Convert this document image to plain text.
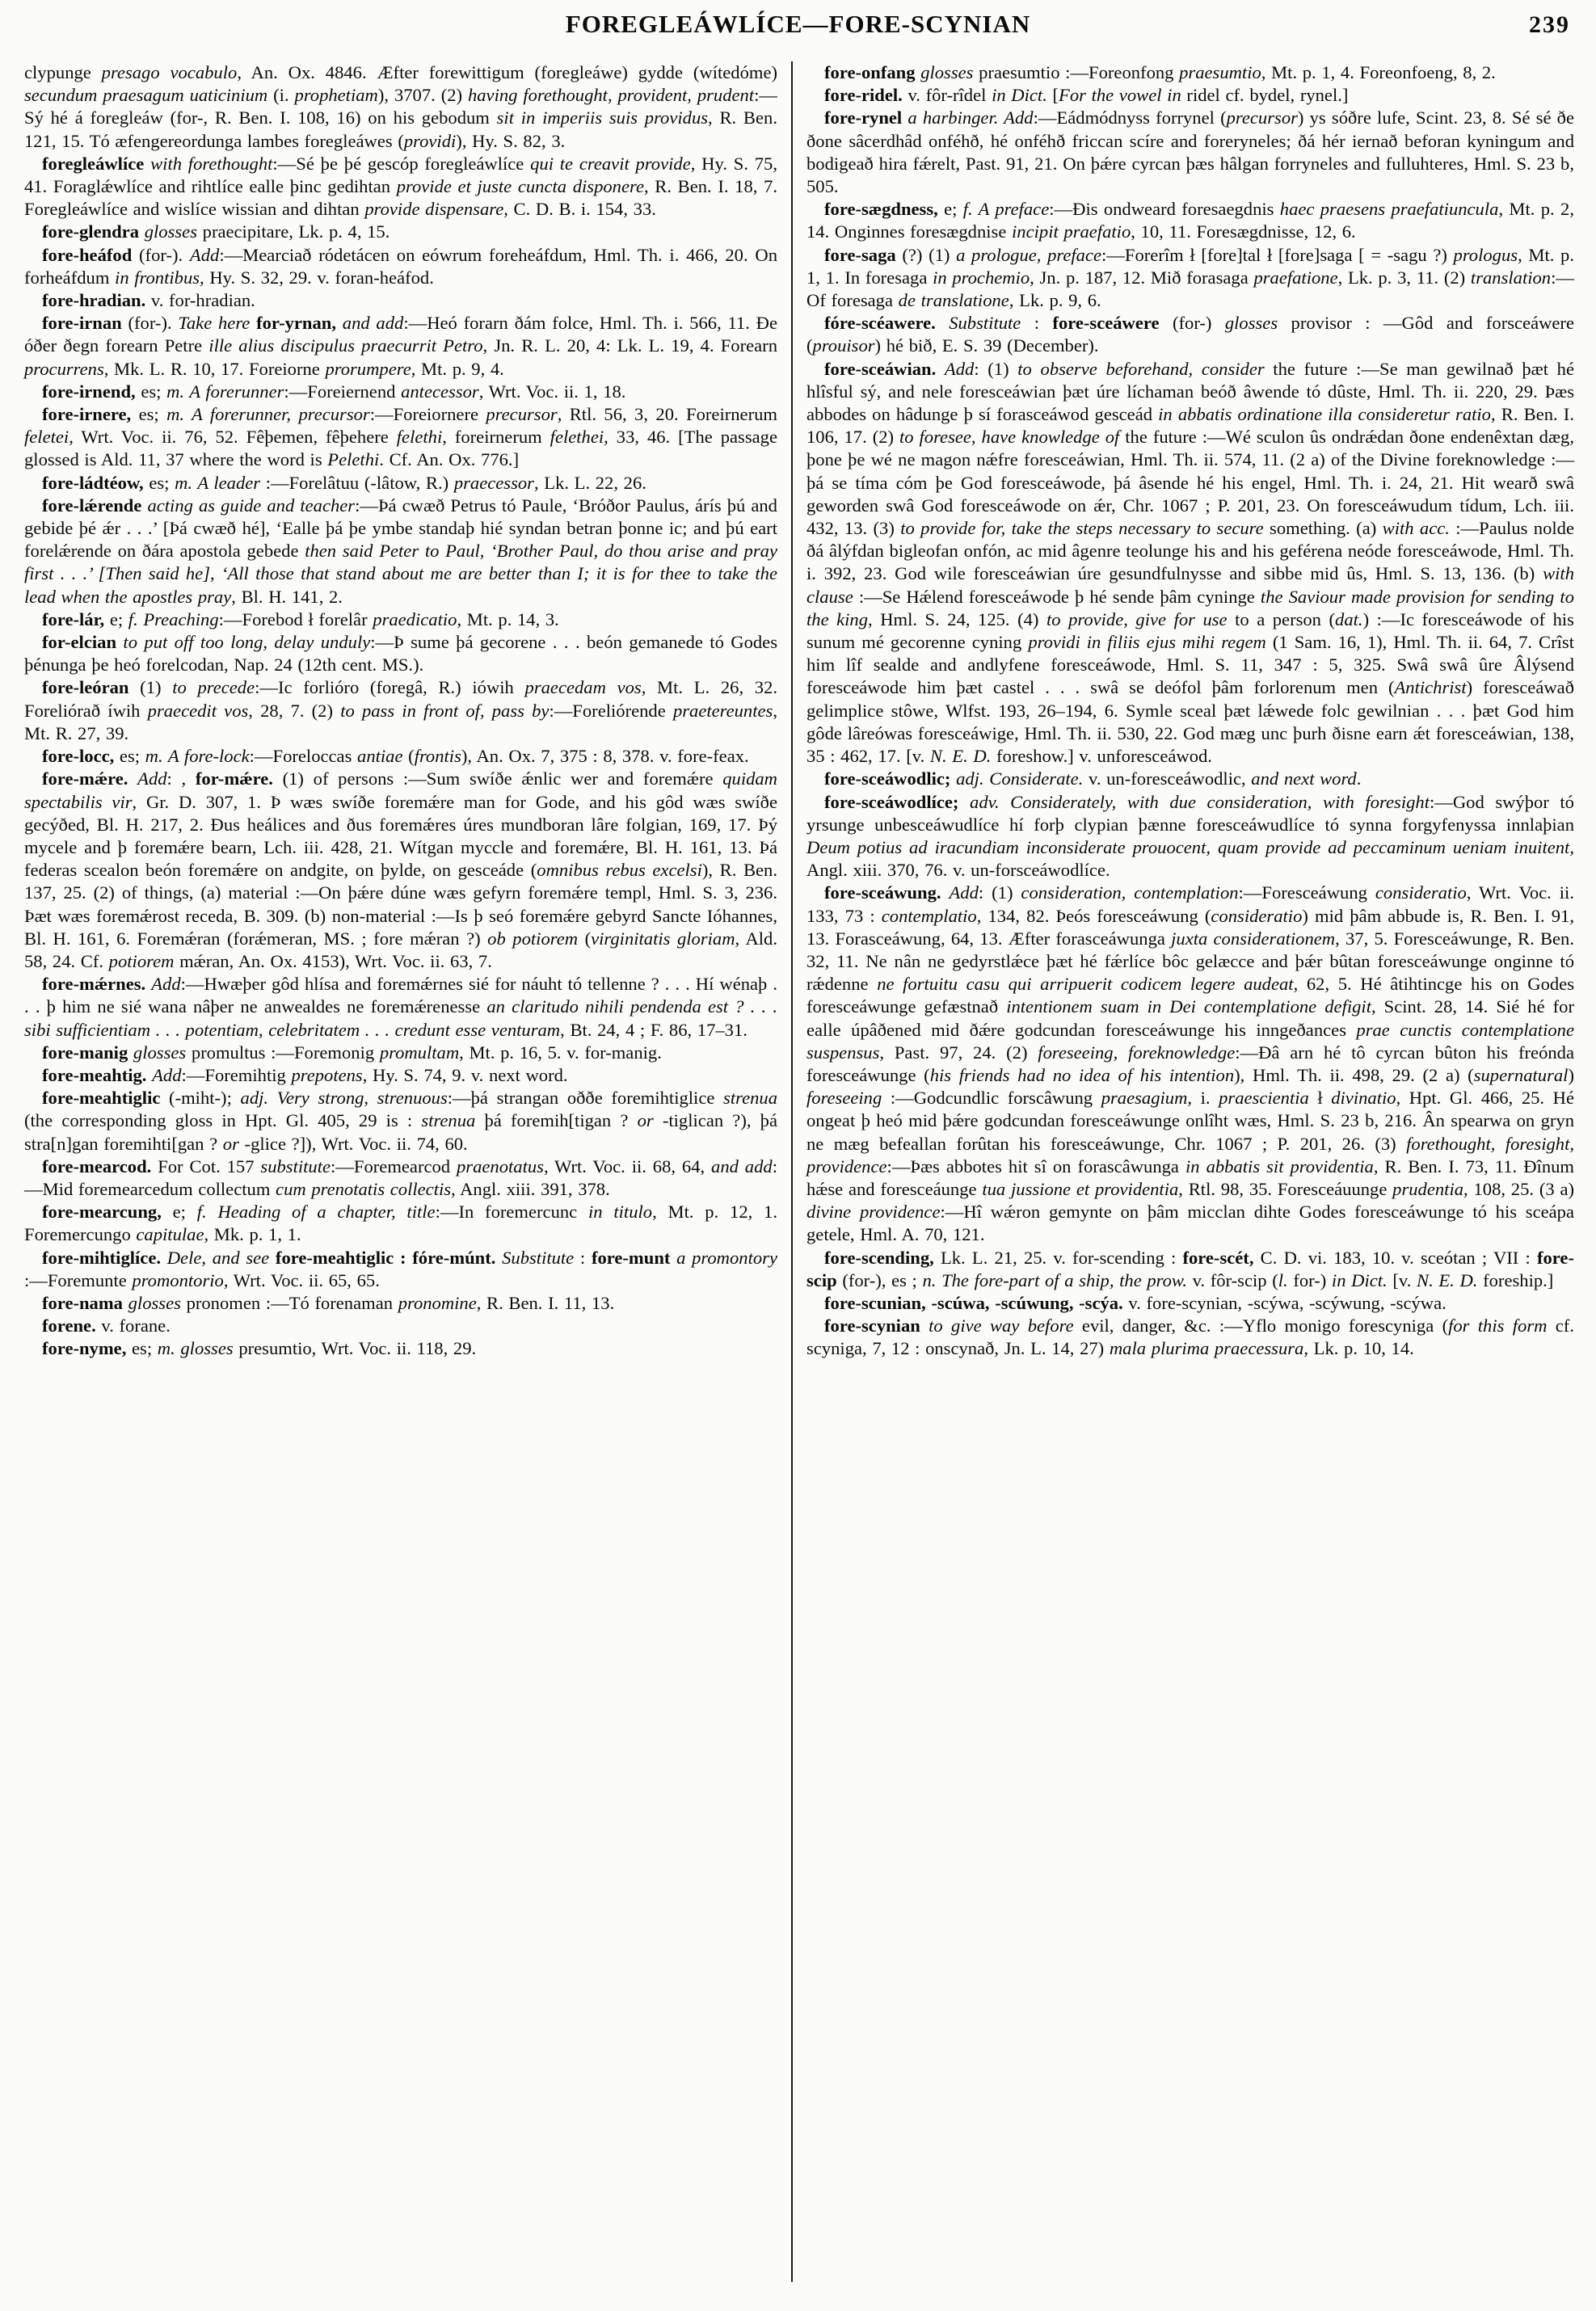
FOREGLEÁWLÍCE—FORE-SCYNIAN	239

clypunge presago vocabulo, An. Ox. 4846. Æfter forewittigum (foregleáwe) gydde (wítedóme) secundum praesagum uaticinium (i. prophetiam), 3707. (2) having forethought, provident, prudent:—Sý hé á foregleáw (for-, R. Ben. I. 108, 16) on his gebodum sit in imperiis suis providus, R. Ben. 121, 15. Tó æfengereordunga lambes foregleáwes (providi), Hy. S. 82, 3.

foregleáwlíce with forethought:—Sé þe þé gescóp foregleáwlíce qui te creavit provide, Hy. S. 75, 41. Foraglǽwlíce and rihtlíce ealle þinc gedihtan provide et juste cuncta disponere, R. Ben. I. 18, 7. Foregleáwlíce and wislíce wissian and dihtan provide dispensare, C. D. B. i. 154, 33.

fore-glendra glosses praecipitare, Lk. p. 4, 15.

fore-heáfod (for-). Add:—Mearciað ródetácen on eówrum foreheáfdum, Hml. Th. i. 466, 20. On forheáfdum in frontibus, Hy. S. 32, 29. v. foran-heáfod.

fore-hradian. v. for-hradian.

fore-irnan (for-). Take here for-yrnan, and add:—Heó forarn ðám folce, Hml. Th. i. 566, 11. Ðe óðer ðegn forearn Petre ille alius discipulus praecurrit Petro, Jn. R. L. 20, 4: Lk. L. 19, 4. Forearn procurrens, Mk. L. R. 10, 17. Foreiorne prorumpere, Mt. p. 9, 4.

fore-irnend, es; m. A forerunner:—Foreiernend antecessor, Wrt. Voc. ii. 1, 18.

fore-irnere, es; m. A forerunner, precursor:—Foreiornere precursor, Rtl. 56, 3, 20. Foreirnerum feletei, Wrt. Voc. ii. 76, 52. Fêþemen, fêþehere felethi, foreirnerum felethei, 33, 46. [The passage glossed is Ald. 11, 37 where the word is Pelethi. Cf. An. Ox. 776.]

fore-ládtéow, es; m. A leader :—Forelâtuu (-lâtow, R.) praecessor, Lk. L. 22, 26.

fore-lǽrende acting as guide and teacher:—Þá cwæð Petrus tó Paule, ‘Bróðor Paulus, árís þú and gebide þé ǽr . . .’ [Þá cwæð hé], ‘Ealle þá þe ymbe standaþ hié syndan betran þonne ic; and þú eart forelǽrende on ðára apostola gebede then said Peter to Paul, ‘Brother Paul, do thou arise and pray first . . .’ [Then said he], ‘All those that stand about me are better than I; it is for thee to take the lead when the apostles pray, Bl. H. 141, 2.

fore-lár, e; f. Preaching:—Forebod ł forelâr praedicatio, Mt. p. 14, 3.

for-elcian to put off too long, delay unduly:—Þ sume þá gecorene . . . beón gemanede tó Godes þénunga þe heó forelcodan, Nap. 24 (12th cent. MS.).

fore-leóran (1) to precede:—Ic forlióro (foregâ, R.) iówih praecedam vos, Mt. L. 26, 32. Foreliórað íwih praecedit vos, 28, 7. (2) to pass in front of, pass by:—Foreliórende praetereuntes, Mt. R. 27, 39.

fore-locc, es; m. A fore-lock:—Foreloccas antiae (frontis), An. Ox. 7, 375 : 8, 378. v. fore-feax.

fore-mǽre. Add: , for-mǽre. (1) of persons :—Sum swíðe ǽnlic wer and foremǽre quidam spectabilis vir, Gr. D. 307, 1. Þ wæs swíðe foremǽre man for Gode, and his gôd wæs swíðe gecýðed, Bl. H. 217, 2. Ðus heálices and ðus foremǽres úres mundboran lâre folgian, 169, 17. Þý mycele and þ foremǽre bearn, Lch. iii. 428, 21. Wítgan myccle and foremǽre, Bl. H. 161, 13. Þá federas scealon beón foremǽre on andgite, on þylde, on gesceáde (omnibus rebus excelsi), R. Ben. 137, 25. (2) of things, (a) material :—On þǽre dúne wæs gefyrn foremǽre templ, Hml. S. 3, 236. Þæt wæs foremǽrost receda, B. 309. (b) non-material :—Is þ seó foremǽre gebyrd Sancte Ióhannes, Bl. H. 161, 6. Foremǽran (forǽmeran, MS. ; fore mǽran ?) ob potiorem (virginitatis gloriam, Ald. 58, 24. Cf. potiorem mǽran, An. Ox. 4153), Wrt. Voc. ii. 63, 7.

fore-mǽrnes. Add:—Hwæþer gôd hlísa and foremǽrnes sié for náuht tó tellenne ? . . . Hí wénaþ . . . þ him ne sié wana nâþer ne anwealdes ne foremǽrenesse an claritudo nihili pendenda est ? . . . sibi sufficientiam . . . potentiam, celebritatem . . . credunt esse venturam, Bt. 24, 4 ; F. 86, 17–31.

fore-manig glosses promultus :—Foremonig promultam, Mt. p. 16, 5. v. for-manig.

fore-meahtig. Add:—Foremihtig prepotens, Hy. S. 74, 9. v. next word.

fore-meahtiglic (-miht-); adj. Very strong, strenuous:—þá strangan oððe foremihtiglice strenua (the corresponding gloss in Hpt. Gl. 405, 29 is : strenua þá foremih[tigan ? or -tiglican ?), þá stra[n]gan foremihti[gan ? or -glice ?]), Wrt. Voc. ii. 74, 60.

fore-mearcod. For Cot. 157 substitute:—Foremearcod praenotatus, Wrt. Voc. ii. 68, 64, and add:—Mid foremearcedum collectum cum prenotatis collectis, Angl. xiii. 391, 378.

fore-mearcung, e; f. Heading of a chapter, title:—In foremercunc in titulo, Mt. p. 12, 1. Foremercungo capitulae, Mk. p. 1, 1.

fore-mihtiglíce. Dele, and see fore-meahtiglic : fóre-múnt. Substitute : fore-munt a promontory :—Foremunte promontorio, Wrt. Voc. ii. 65, 65.

fore-nama glosses pronomen :—Tó forenaman pronomine, R. Ben. I. 11, 13.

forene. v. forane.

fore-nyme, es; m. glosses presumtio, Wrt. Voc. ii. 118, 29.

fore-onfang glosses praesumtio :—Foreonfong praesumtio, Mt. p. 1, 4. Foreonfoeng, 8, 2.

fore-ridel. v. fôr-rîdel in Dict. [For the vowel in ridel cf. bydel, rynel.]

fore-rynel a harbinger. Add:—Eádmódnyss forrynel (precursor) ys sóðre lufe, Scint. 23, 8. Sé sé ðe ðone sâcerdhâd onféhð, hé onféhð friccan scíre and foreryneles; ðá hér iernað beforan kyningum and bodigeað hira fǽrelt, Past. 91, 21. On þǽre cyrcan þæs hâlgan forryneles and fulluhteres, Hml. S. 23 b, 505.

fore-sægdness, e; f. A preface:—Ðis ondweard foresaegdnis haec praesens praefatiuncula, Mt. p. 2, 14. Onginnes foresægdnise incipit praefatio, 10, 11. Foresægdnisse, 12, 6.

fore-saga (?) (1) a prologue, preface:—Forerîm ł [fore]tal ł [fore]saga [ = -sagu ?) prologus, Mt. p. 1, 1. In foresaga in prochemio, Jn. p. 187, 12. Mið forasaga praefatione, Lk. p. 3, 11. (2) translation:—Of foresaga de translatione, Lk. p. 9, 6.

fóre-scéawere. Substitute : fore-sceáwere (for-) glosses provisor : —Gôd and forsceáwere (prouisor) hé bið, E. S. 39 (December).

fore-sceáwian. Add: (1) to observe beforehand, consider the future :—Se man gewilnað þæt hé hlîsful sý, and nele foresceáwian þæt úre líchaman beóð âwende tó dûste, Hml. Th. ii. 220, 29. Þæs abbodes on hâdunge þ sí forasceáwod gesceád in abbatis ordinatione illa consideretur ratio, R. Ben. I. 106, 17. (2) to foresee, have knowledge of the future :—Wé sculon ûs ondrǽdan ðone endenêxtan dæg, þone þe wé ne magon nǽfre foresceáwian, Hml. Th. ii. 574, 11. (2 a) of the Divine foreknowledge :—þá se tíma cóm þe God foresceáwode, þá âsende hé his engel, Hml. Th. i. 24, 21. Hit wearð swâ geworden swâ God foresceáwode on ǽr, Chr. 1067 ; P. 201, 23. On foresceáwudum tídum, Lch. iii. 432, 13. (3) to provide for, take the steps necessary to secure something. (a) with acc. :—Paulus nolde ðá âlýfdan bigleofan onfón, ac mid âgenre teolunge his and his geférena neóde foresceáwode, Hml. Th. i. 392, 23. God wile foresceáwian úre gesundfulnysse and sibbe mid ûs, Hml. S. 13, 136. (b) with clause :—Se Hǽlend foresceáwode þ hé sende þâm cyninge the Saviour made provision for sending to the king, Hml. S. 24, 125. (4) to provide, give for use to a person (dat.) :—Ic foresceáwode of his sunum mé gecorenne cyning providi in filiis ejus mihi regem (1 Sam. 16, 1), Hml. Th. ii. 64, 7. Crîst him lîf sealde and andlyfene foresceáwode, Hml. S. 11, 347 : 5, 325. Swâ swâ ûre Âlýsend foresceáwode him þæt castel . . . swâ se deófol þâm forlorenum men (Antichrist) foresceáwað gelimplice stôwe, Wlfst. 193, 26–194, 6. Symle sceal þæt lǽwede folc gewilnian . . . þæt God him gôde lâreówas foresceáwige, Hml. Th. ii. 530, 22. God mæg unc þurh ðisne earn ǽt foresceáwian, 138, 35 : 462, 17. [v. N. E. D. foreshow.] v. unforesceáwod.

fore-sceáwodlic; adj. Considerate. v. un-foresceáwodlic, and next word.

fore-sceáwodlíce; adv. Considerately, with due consideration, with foresight:—God swýþor tó yrsunge unbesceáwudlíce hí forþ clypian þænne foresceáwudlíce tó synna forgyfenyssa innlaþian Deum potius ad iracundiam inconsiderate prouocent, quam provide ad peccaminum ueniam inuitent, Angl. xiii. 370, 76. v. un-forsceáwodlíce.

fore-sceáwung. Add: (1) consideration, contemplation:—Foresceáwung consideratio, Wrt. Voc. ii. 133, 73 : contemplatio, 134, 82. Þeós foresceáwung (consideratio) mid þâm abbude is, R. Ben. I. 91, 13. Forasceáwung, 64, 13. Æfter forasceáwunga juxta considerationem, 37, 5. Foresceáwunge, R. Ben. 32, 11. Ne nân ne gedyrstlǽce þæt hé fǽrlíce bôc gelæcce and þǽr bûtan foresceáwunge onginne tó rǽdenne ne fortuitu casu qui arripuerit codicem legere audeat, 62, 5. Hé âtihtincge his on Godes foresceáwunge gefæstnað intentionem suam in Dei contemplatione defigit, Scint. 28, 14. Sié hé for ealle úpâðened mid ðǽre godcundan foresceáwunge his inngeðances prae cunctis contemplatione suspensus, Past. 97, 24. (2) foreseeing, foreknowledge:—Ðâ arn hé tô cyrcan bûton his freónda foresceáwunge (his friends had no idea of his intention), Hml. Th. ii. 498, 29. (2 a) (supernatural) foreseeing :—Godcundlic forscâwung praesagium, i. praescientia ł divinatio, Hpt. Gl. 466, 25. Hé ongeat þ heó mid þǽre godcundan foresceáwunge onlîht wæs, Hml. S. 23 b, 216. Ân spearwa on gryn ne mæg befeallan forûtan his foresceáwunge, Chr. 1067 ; P. 201, 26. (3) forethought, foresight, providence:—Þæs abbotes hit sî on forascâwunga in abbatis sit providentia, R. Ben. I. 73, 11. Ðînum hǽse and foresceáunge tua jussione et providentia, Rtl. 98, 35. Foresceáuunge prudentia, 108, 25. (3 a) divine providence:—Hî wǽron gemynte on þâm micclan dihte Godes foresceáwunge tó his sceápa getele, Hml. A. 70, 121.

fore-scending, Lk. L. 21, 25. v. for-scending : fore-scét, C. D. vi. 183, 10. v. sceótan ; VII : fore-scip (for-), es ; n. The fore-part of a ship, the prow. v. fôr-scip (l. for-) in Dict. [v. N. E. D. foreship.]

fore-scunian, -scúwa, -scúwung, -scýa. v. fore-scynian, -scýwa, -scýwung, -scýwa.

fore-scynian to give way before evil, danger, &c. :—Yflo monigo forescyniga (for this form cf. scyniga, 7, 12 : onscynað, Jn. L. 14, 27) mala plurima praecessura, Lk. p. 10, 14.
